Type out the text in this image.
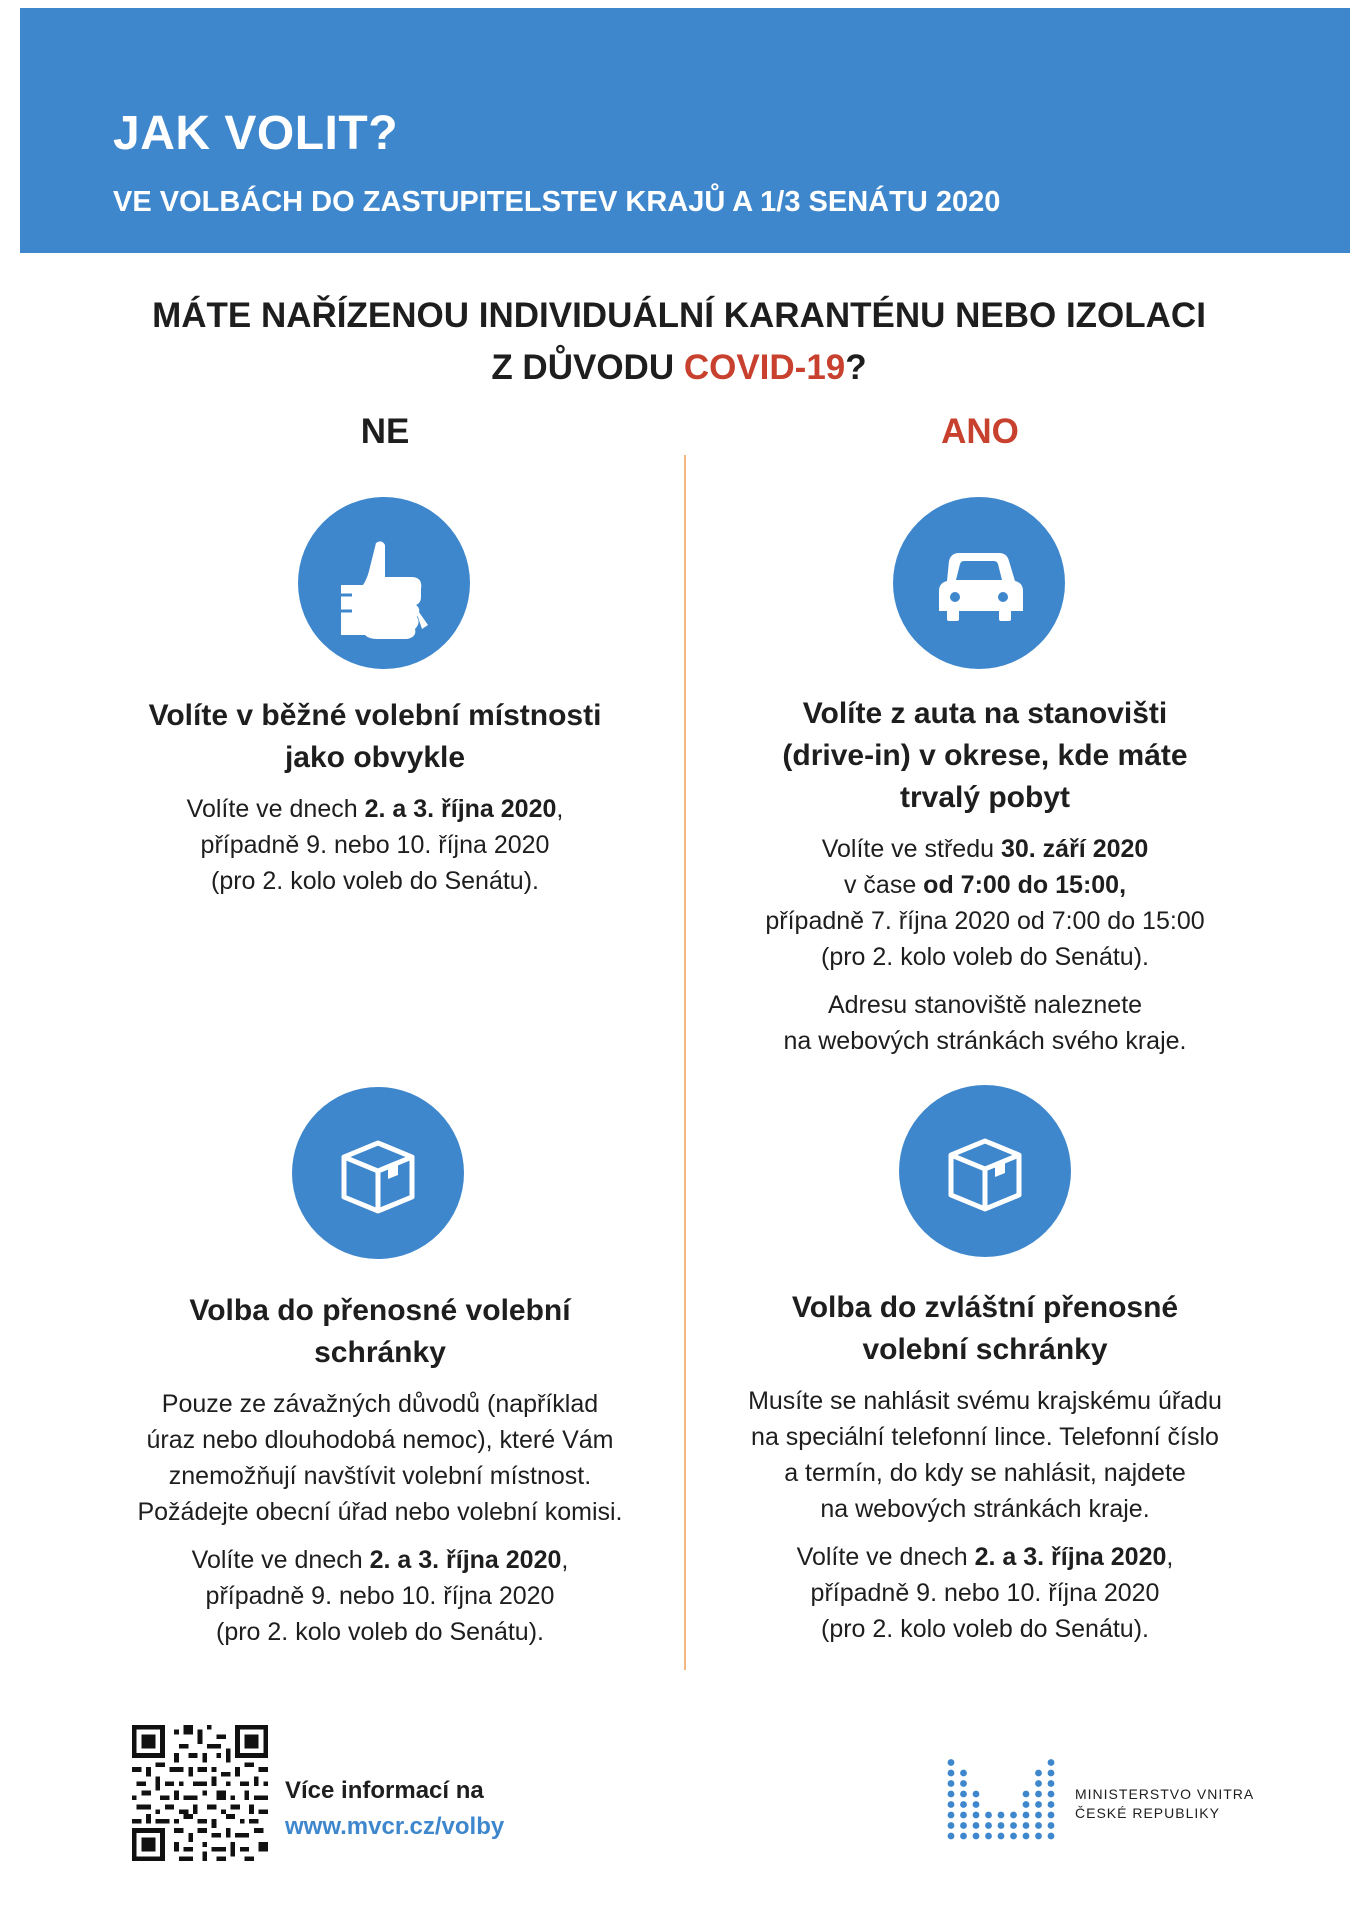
JAK VOLIT?
VE VOLBÁCH DO ZASTUPITELSTEV KRAJŮ A 1/3 SENÁTU 2020
MÁTE NAŘÍZENOU INDIVIDUÁLNÍ KARANTÉNU NEBO IZOLACI
Z DŮVODU COVID-19?
NE	ANO
Volíte v běžné volební místnosti
jako obvykle
Volíte ve dnech 2. a 3. října 2020,
případně 9. nebo 10. října 2020
(pro 2. kolo voleb do Senátu).
Volíte z auta na stanovišti
(drive-in) v okrese, kde máte
trvalý pobyt
Volíte ve středu 30. září 2020
v čase od 7:00 do 15:00,
případně 7. října 2020 od 7:00 do 15:00
(pro 2. kolo voleb do Senátu).
Adresu stanoviště naleznete
na webových stránkách svého kraje.
Volba do přenosné volební
schránky
Pouze ze závažných důvodů (například
úraz nebo dlouhodobá nemoc), které Vám
znemožňují navštívit volební místnost.
Požádejte obecní úřad nebo volební komisi.
Volíte ve dnech 2. a 3. října 2020,
případně 9. nebo 10. října 2020
(pro 2. kolo voleb do Senátu).
Volba do zvláštní přenosné
volební schránky
Musíte se nahlásit svému krajskému úřadu
na speciální telefonní lince. Telefonní číslo
a termín, do kdy se nahlásit, najdete
na webových stránkách kraje.
Volíte ve dnech 2. a 3. října 2020,
případně 9. nebo 10. října 2020
(pro 2. kolo voleb do Senátu).
Více informací na
www.mvcr.cz/volby
MINISTERSTVO VNITRA
ČESKÉ REPUBLIKY
